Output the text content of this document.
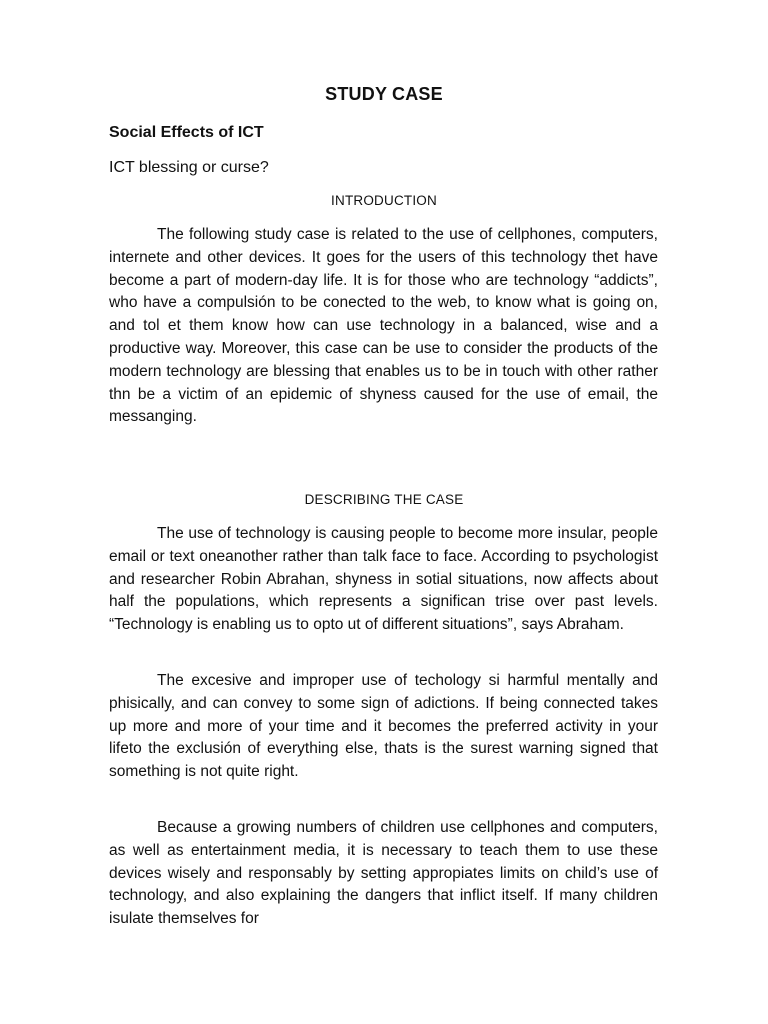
STUDY CASE
Social Effects of ICT
ICT blessing or curse?
INTRODUCTION

The following study case is related to the use of cellphones, computers, internete and other devices. It goes for the users of this technology thet have become a part of modern-day life. It is for those who are technology “addicts”, who have a compulsión to be conected to the web, to know what is going on, and tol et them know how can use technology in a balanced, wise and a productive way. Moreover, this case can be use to consider the products of the modern technology are blessing that enables us to be in touch with other rather thn be a victim of an epidemic of shyness caused for the use of email, the messanging.

DESCRIBING THE CASE

The use of technology is causing people to become more insular, people email or text oneanother rather than talk face to face. According to psychologist and researcher Robin Abrahan, shyness in sotial situations, now affects about half the populations, which represents a significan trise over past levels. “Technology is enabling us to opto ut of different situations”, says Abraham.

The excesive and improper use of techology si harmful mentally and phisically, and can convey to some sign of adictions. If being connected takes up more and more of your time and it becomes the preferred activity in your lifeto the exclusión of everything else, thats is the surest warning signed that something is not quite right.

Because a growing numbers of children use cellphones and computers, as well as entertainment media, it is necessary to teach them to use these devices wisely and responsably by setting appropiates limits on child’s use of technology, and also explaining the dangers that inflict itself. If many children isulate themselves for
